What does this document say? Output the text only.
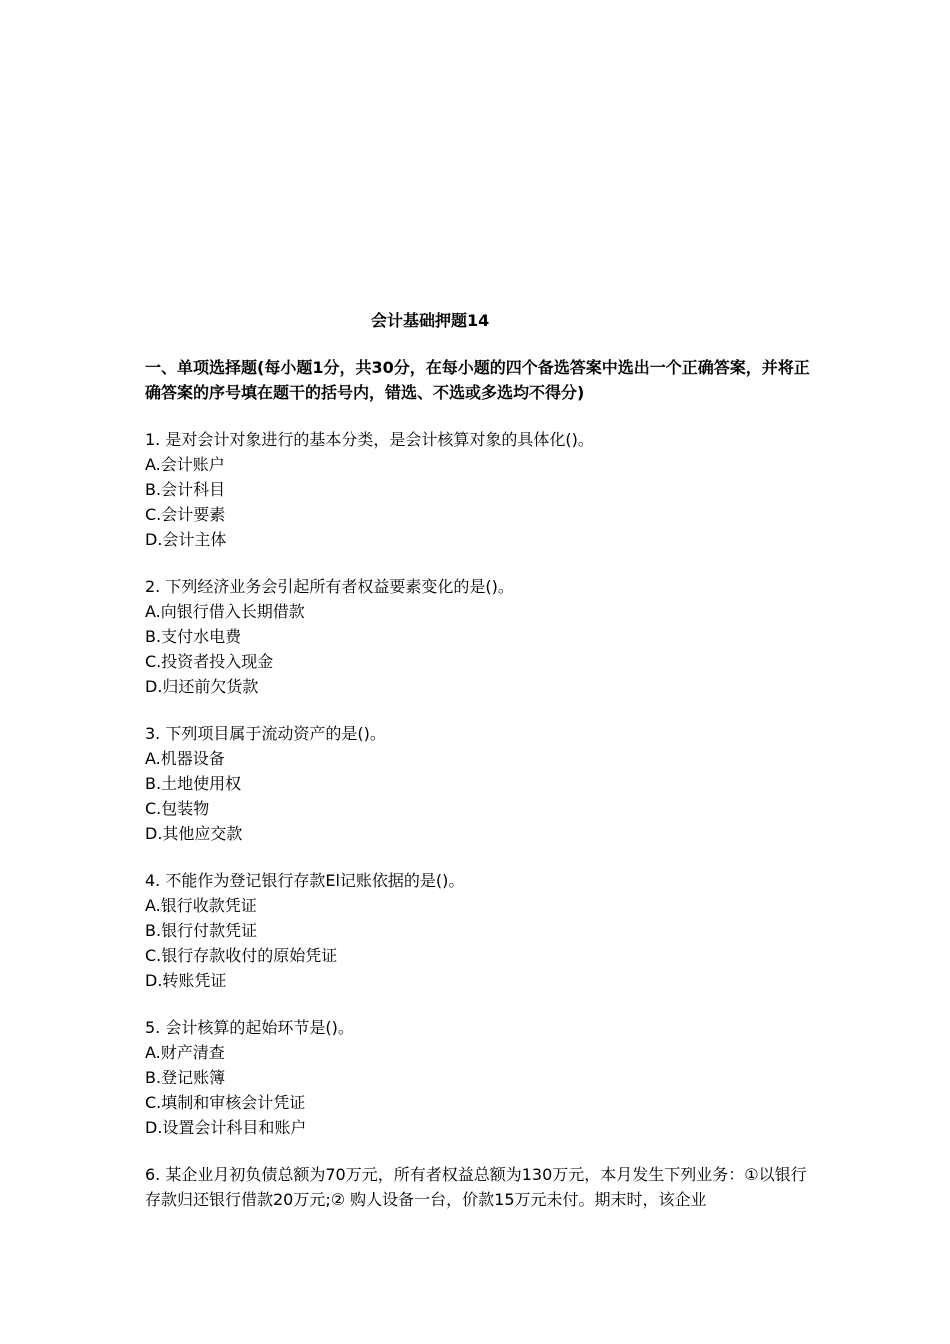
会计基础押题14
一、单项选择题(每小题1分，共30分，在每小题的四个备选答案中选出一个正确答案，并将正确答案的序号填在题干的括号内，错选、不选或多选均不得分)
1. 是对会计对象进行的基本分类，是会计核算对象的具体化()。
A.会计账户
B.会计科目
C.会计要素
D.会计主体
2. 下列经济业务会引起所有者权益要素变化的是()。
A.向银行借入长期借款
B.支付水电费
C.投资者投入现金
D.归还前欠货款
3. 下列项目属于流动资产的是()。
A.机器设备
B.土地使用权
C.包装物
D.其他应交款
4. 不能作为登记银行存款El记账依据的是()。
A.银行收款凭证
B.银行付款凭证
C.银行存款收付的原始凭证
D.转账凭证
5. 会计核算的起始环节是()。
A.财产清查
B.登记账簿
C.填制和审核会计凭证
D.设置会计科目和账户
6. 某企业月初负债总额为70万元，所有者权益总额为130万元，本月发生下列业务：①以银行存款归还银行借款20万元;② 购人设备一台，价款15万元未付。期末时，该企业
